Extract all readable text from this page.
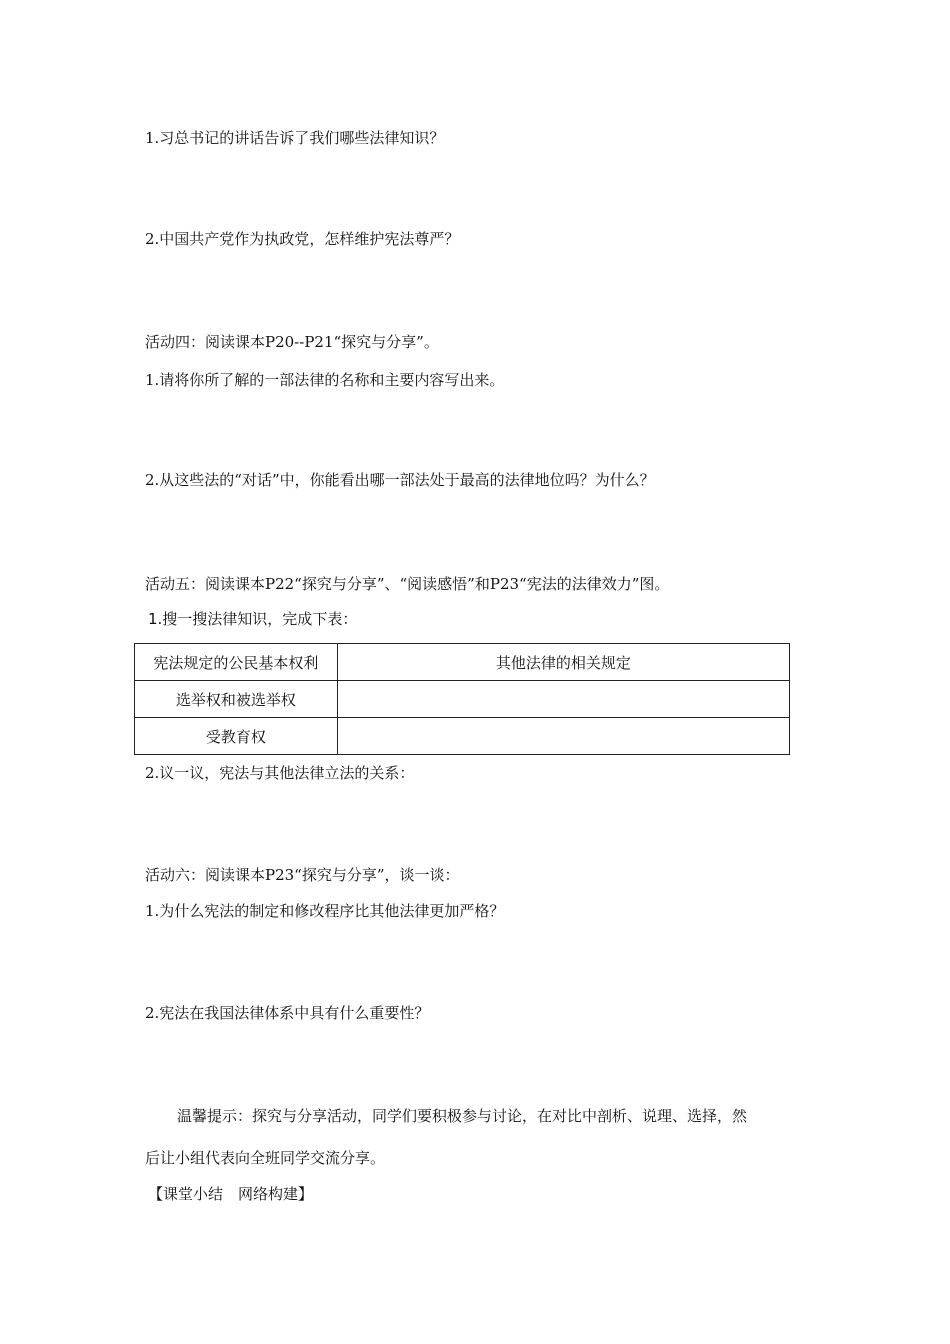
1.习总书记的讲话告诉了我们哪些法律知识？
2.中国共产党作为执政党，怎样维护宪法尊严？
活动四：阅读课本P20--P21“探究与分享”。
1.请将你所了解的一部法律的名称和主要内容写出来。
2.从这些法的“对话”中，你能看出哪一部法处于最高的法律地位吗？为什么？
活动五：阅读课本P22“探究与分享”、“阅读感悟”和P23“宪法的法律效力”图。
1.搜一搜法律知识，完成下表：
宪法规定的公民基本权利	其他法律的相关规定
选举权和被选举权	
受教育权	
2.议一议，宪法与其他法律立法的关系：
活动六：阅读课本P23“探究与分享”，谈一谈：
1.为什么宪法的制定和修改程序比其他法律更加严格？
2.宪法在我国法律体系中具有什么重要性？
温馨提示：探究与分享活动，同学们要积极参与讨论，在对比中剖析、说理、选择，然
后让小组代表向全班同学交流分享。
【课堂小结　网络构建】
